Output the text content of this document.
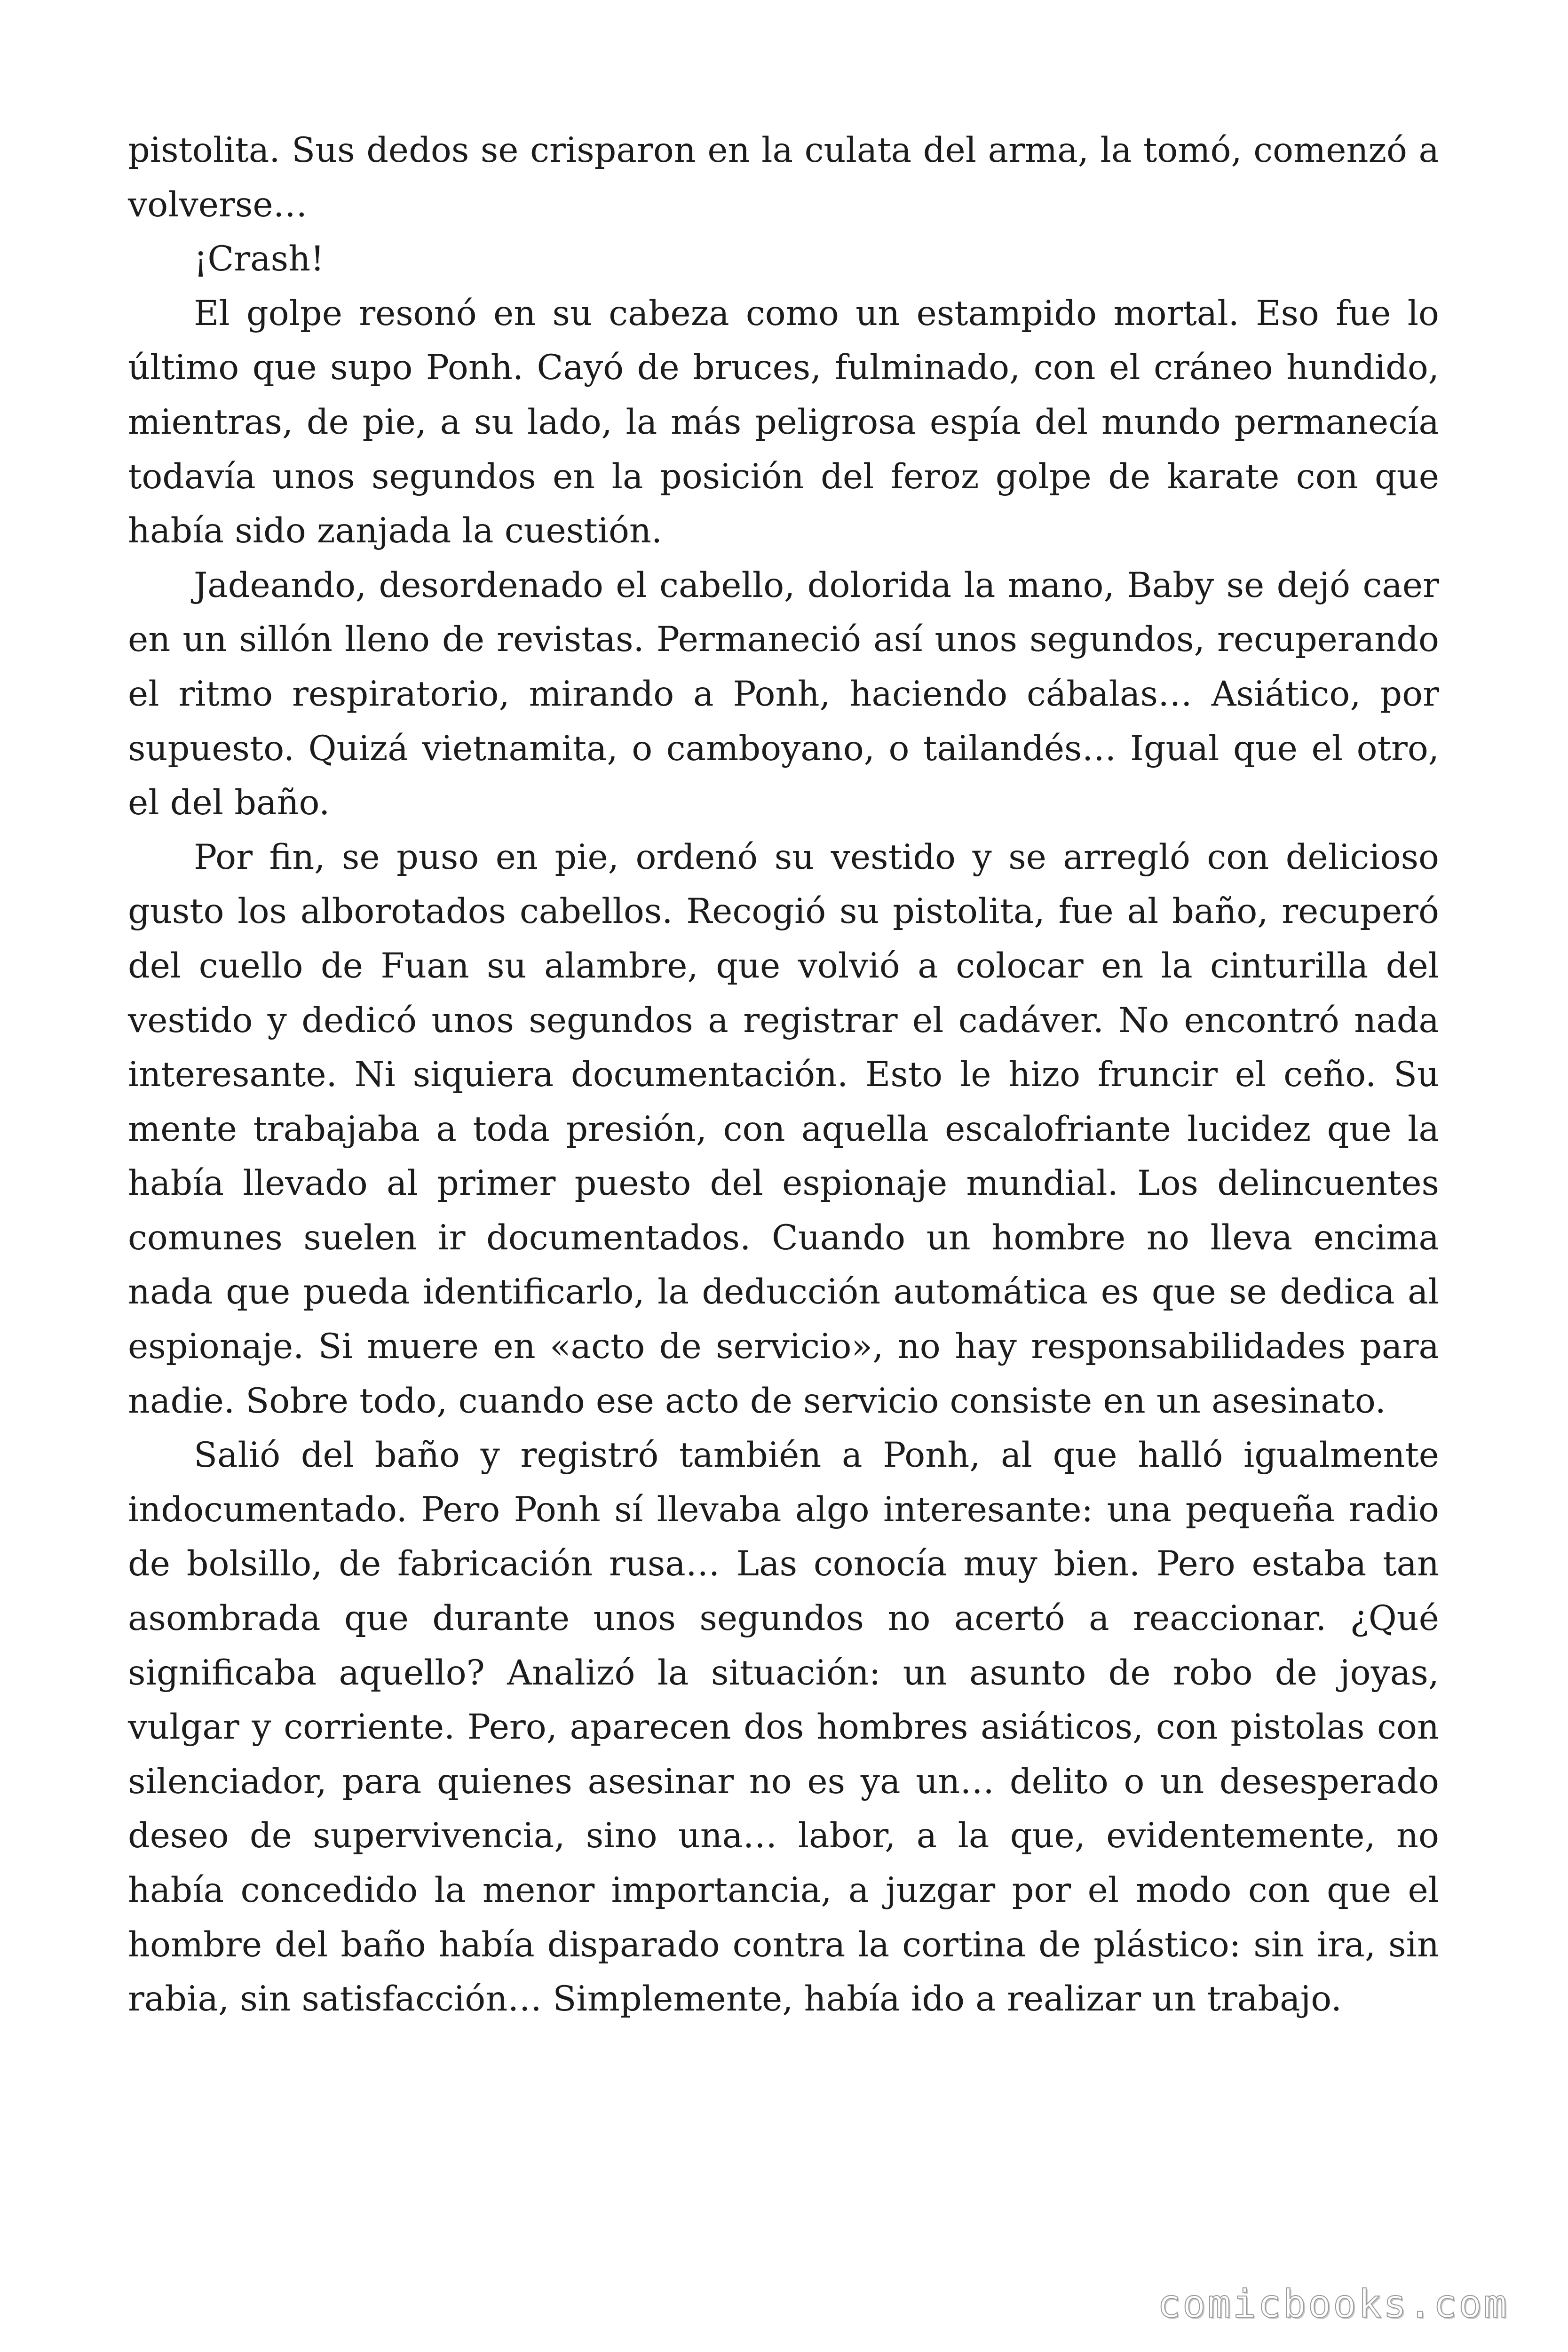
pistolita. Sus dedos se crisparon en la culata del arma, la tomó, comenzó a volverse…

¡Crash!

El golpe resonó en su cabeza como un estampido mortal. Eso fue lo último que supo Ponh. Cayó de bruces, fulminado, con el cráneo hundido, mientras, de pie, a su lado, la más peligrosa espía del mundo permanecía todavía unos segundos en la posición del feroz golpe de karate con que había sido zanjada la cuestión.

Jadeando, desordenado el cabello, dolorida la mano, Baby se dejó caer en un sillón lleno de revistas. Permaneció así unos segundos, recuperando el ritmo respiratorio, mirando a Ponh, haciendo cábalas… Asiático, por supuesto. Quizá vietnamita, o camboyano, o tailandés… Igual que el otro, el del baño.

Por fin, se puso en pie, ordenó su vestido y se arregló con delicioso gusto los alborotados cabellos. Recogió su pistolita, fue al baño, recuperó del cuello de Fuan su alambre, que volvió a colocar en la cinturilla del vestido y dedicó unos segundos a registrar el cadáver. No encontró nada interesante. Ni siquiera documentación. Esto le hizo fruncir el ceño. Su mente trabajaba a toda presión, con aquella escalofriante lucidez que la había llevado al primer puesto del espionaje mundial. Los delincuentes comunes suelen ir documentados. Cuando un hombre no lleva encima nada que pueda identificarlo, la deducción automática es que se dedica al espionaje. Si muere en «acto de servicio», no hay responsabilidades para nadie. Sobre todo, cuando ese acto de servicio consiste en un asesinato.

Salió del baño y registró también a Ponh, al que halló igualmente indocumentado. Pero Ponh sí llevaba algo interesante: una pequeña radio de bolsillo, de fabricación rusa… Las conocía muy bien. Pero estaba tan asombrada que durante unos segundos no acertó a reaccionar. ¿Qué significaba aquello? Analizó la situación: un asunto de robo de joyas, vulgar y corriente. Pero, aparecen dos hombres asiáticos, con pistolas con silenciador, para quienes asesinar no es ya un… delito o un desesperado deseo de supervivencia, sino una… labor, a la que, evidentemente, no había concedido la menor importancia, a juzgar por el modo con que el hombre del baño había disparado contra la cortina de plástico: sin ira, sin rabia, sin satisfacción… Simplemente, había ido a realizar un trabajo.

comicbooks.com
